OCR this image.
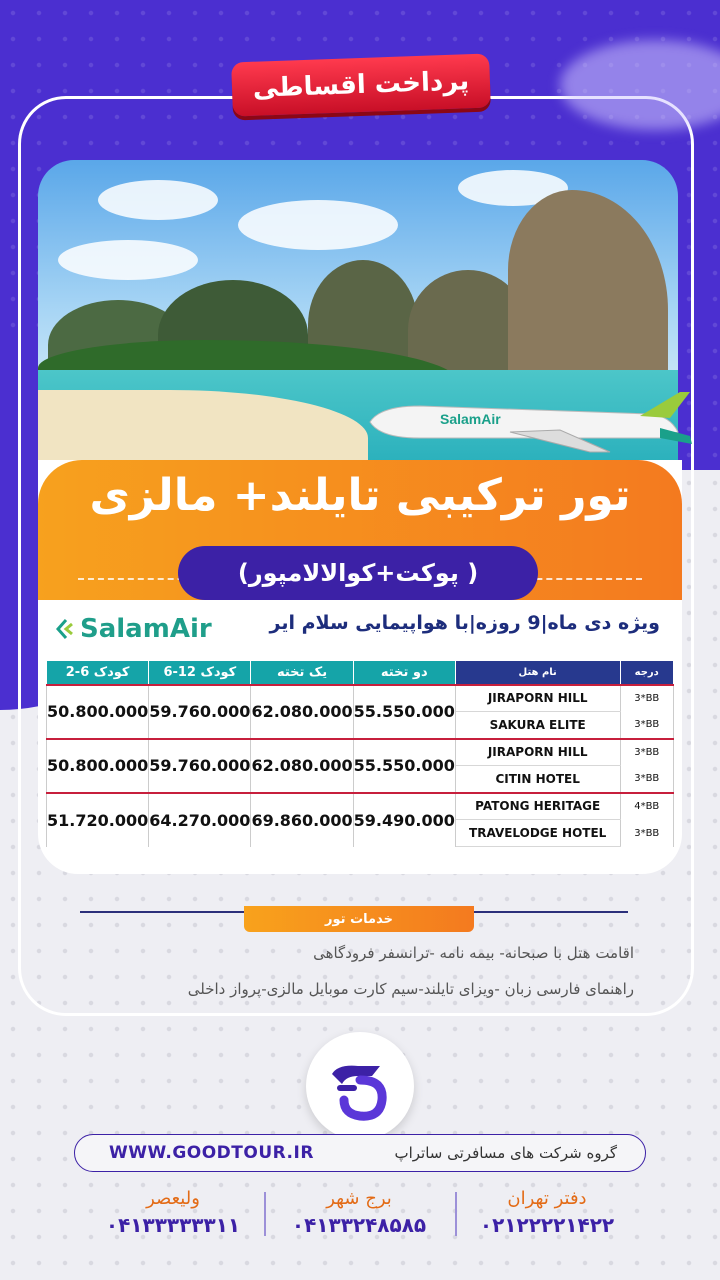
پرداخت اقساطی
SalamAir
تور ترکیبی تایلند+ مالزی
( پوکت+کوالالامپور)
ویژه دی ماه|9 روزه|با هواپیمایی سلام ایر
SalamAir
کودک 6-2	کودک 12-6	یک تخته	دو تخته	نام هتل	درجه
50.800.000	59.760.000	62.080.000	55.550.000	JIRAPORN HILL	3*BB
				SAKURA ELITE	3*BB
50.800.000	59.760.000	62.080.000	55.550.000	JIRAPORN HILL	3*BB
				CITIN HOTEL	3*BB
51.720.000	64.270.000	69.860.000	59.490.000	PATONG HERITAGE	4*BB
				TRAVELODGE HOTEL	3*BB
خدمات تور
اقامت هتل با صبحانه- بیمه نامه -ترانسفر فرودگاهی
راهنمای فارسی زبان -ویزای تایلند-سیم کارت موبایل مالزی-پرواز داخلی
WWW.GOODTOUR.IR	گروه شرکت های مسافرتی ساتراپ
دفتر تهران
۰۲۱۲۲۲۲۱۴۲۲
برج شهر
۰۴۱۳۳۲۴۸۵۸۵
ولیعصر
۰۴۱۳۳۳۳۳۳۱۱
